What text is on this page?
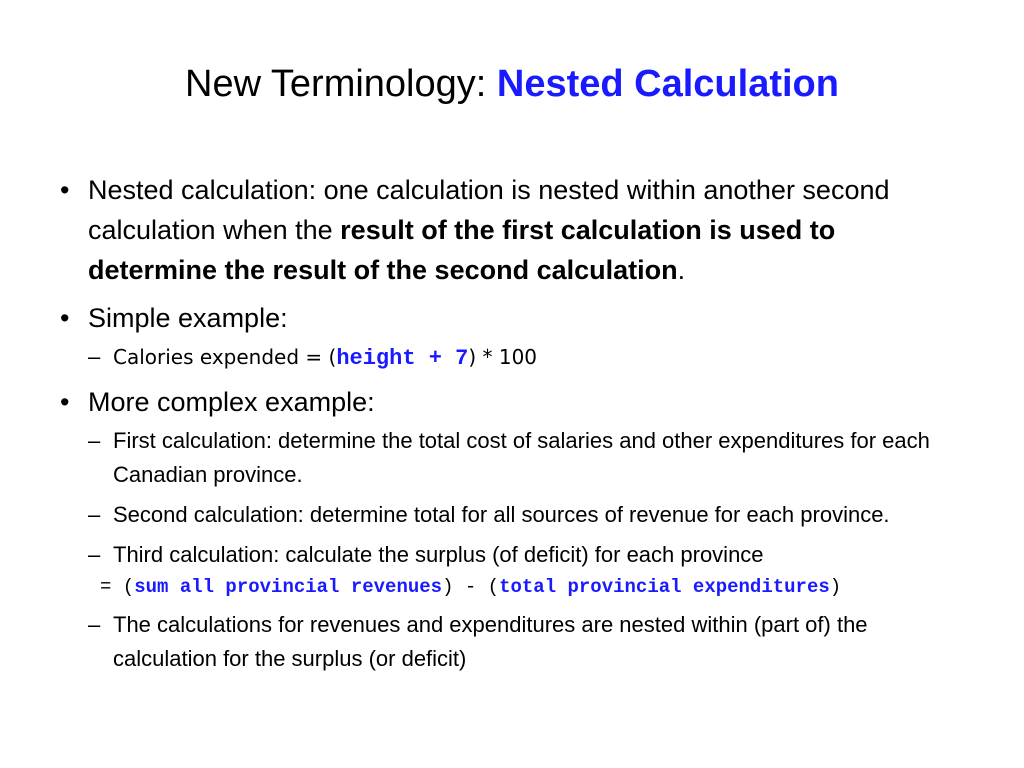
New Terminology: Nested Calculation
• Nested calculation: one calculation is nested within another second calculation when the result of the first calculation is used to determine the result of the second calculation.
• Simple example:
– Calories expended = (height + 7) * 100
• More complex example:
– First calculation: determine the total cost of salaries and other expenditures for each Canadian province.
– Second calculation: determine total for all sources of revenue for each province.
– Third calculation: calculate the surplus (of deficit) for each province
= (sum all provincial revenues) - (total provincial expenditures)
– The calculations for revenues and expenditures are nested within (part of) the calculation for the surplus (or deficit)
